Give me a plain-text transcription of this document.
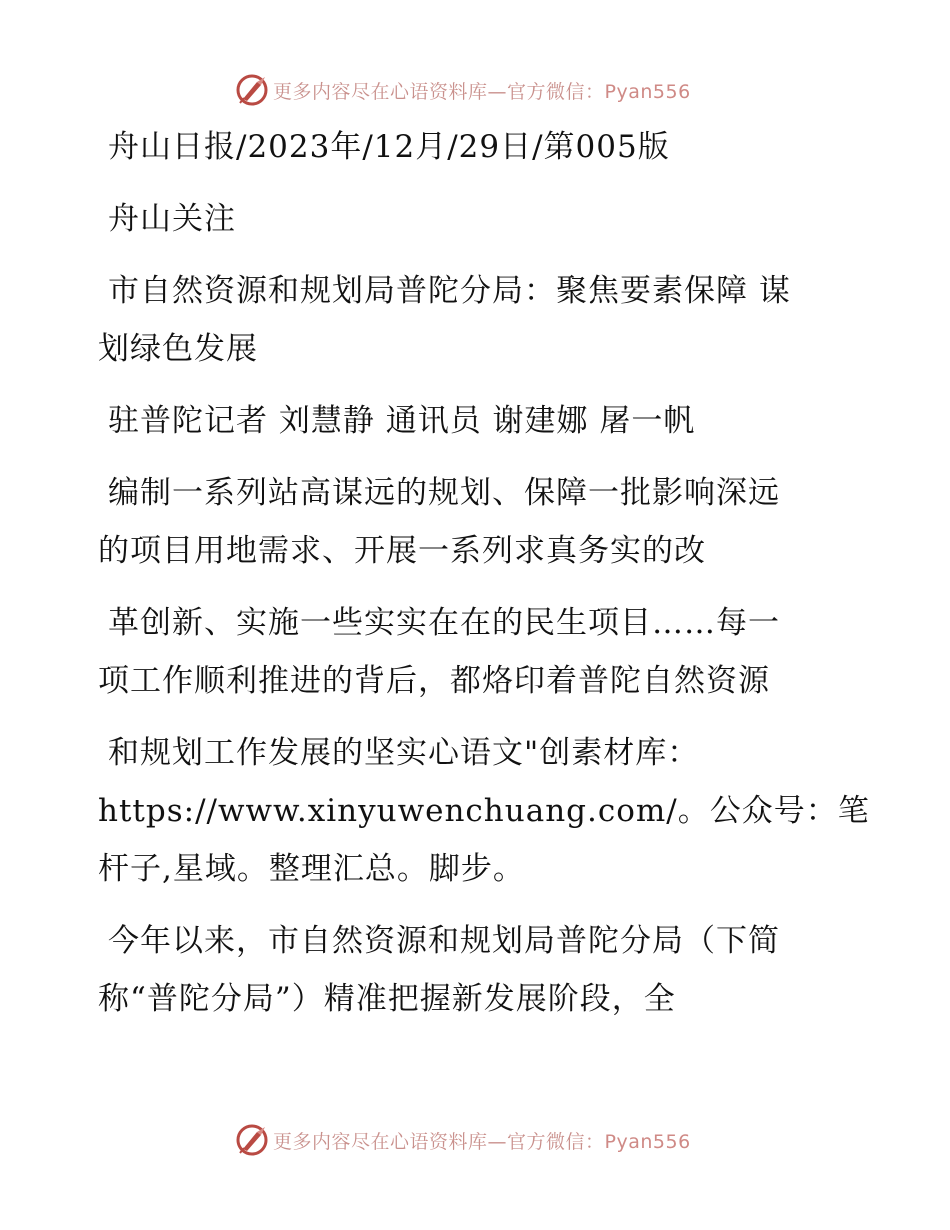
更多内容尽在心语资料库—官方微信：Pyan556
舟山日报/2023年/12月/29日/第005版
舟山关注
市自然资源和规划局普陀分局：聚焦要素保障 谋
划绿色发展
驻普陀记者 刘慧静 通讯员 谢建娜 屠一帆
编制一系列站高谋远的规划、保障一批影响深远
的项目用地需求、开展一系列求真务实的改
革创新、实施一些实实在在的民生项目……每一
项工作顺利推进的背后，都烙印着普陀自然资源
和规划工作发展的坚实心语文"创素材库：
https://www.xinyuwenchuang.com/。公众号：笔
杆子,星域。整理汇总。脚步。
今年以来，市自然资源和规划局普陀分局（下简
称“普陀分局”）精准把握新发展阶段，全
更多内容尽在心语资料库—官方微信：Pyan556
